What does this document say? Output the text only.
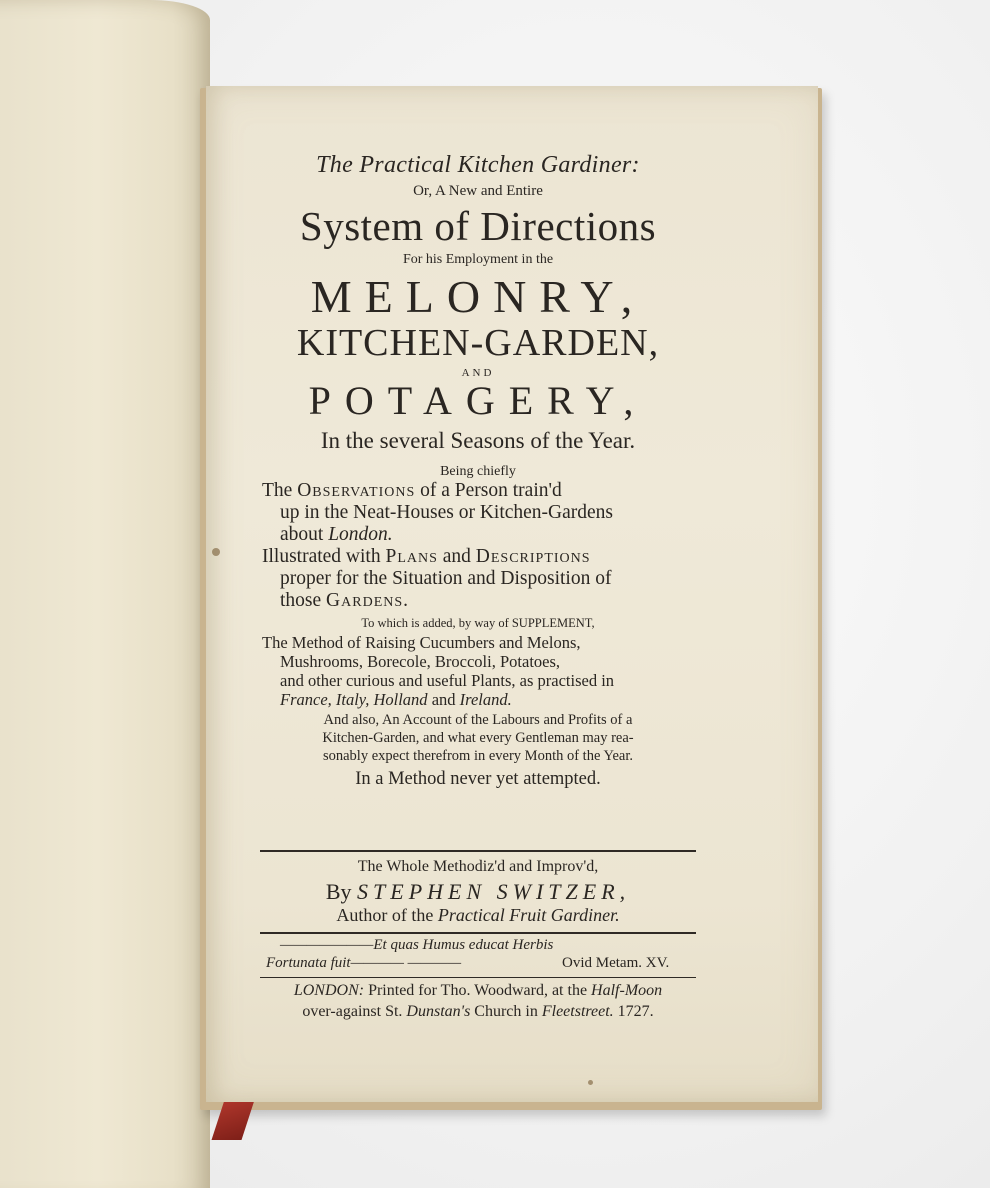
The Practical Kitchen Gardiner:
Or, A New and Entire
System of Directions
For his Employment in the
MELONRY,
KITCHEN-GARDEN,
AND
POTAGERY,
In the several Seasons of the Year.
Being chiefly
The Observations of a Person train'd
up in the Neat-Houses or Kitchen-Gardens
about London.
Illustrated with Plans and Descriptions
proper for the Situation and Disposition of
those Gardens.
To which is added, by way of SUPPLEMENT,
The Method of Raising Cucumbers and Melons,
Mushrooms, Borecole, Broccoli, Potatoes,
and other curious and useful Plants, as practised in
France, Italy, Holland and Ireland.
And also, An Account of the Labours and Profits of a
Kitchen-Garden, and what every Gentleman may rea-
sonably expect therefrom in every Month of the Year.
In a Method never yet attempted.
The Whole Methodiz'd and Improv'd,
By STEPHEN SWITZER,
Author of the Practical Fruit Gardiner.
———————Et quas Humus educat Herbis
Fortunata fuit———— ————	Ovid Metam. XV.
LONDON: Printed for Tho. Woodward, at the Half-Moon
over-against St. Dunstan's Church in Fleetstreet. 1727.
